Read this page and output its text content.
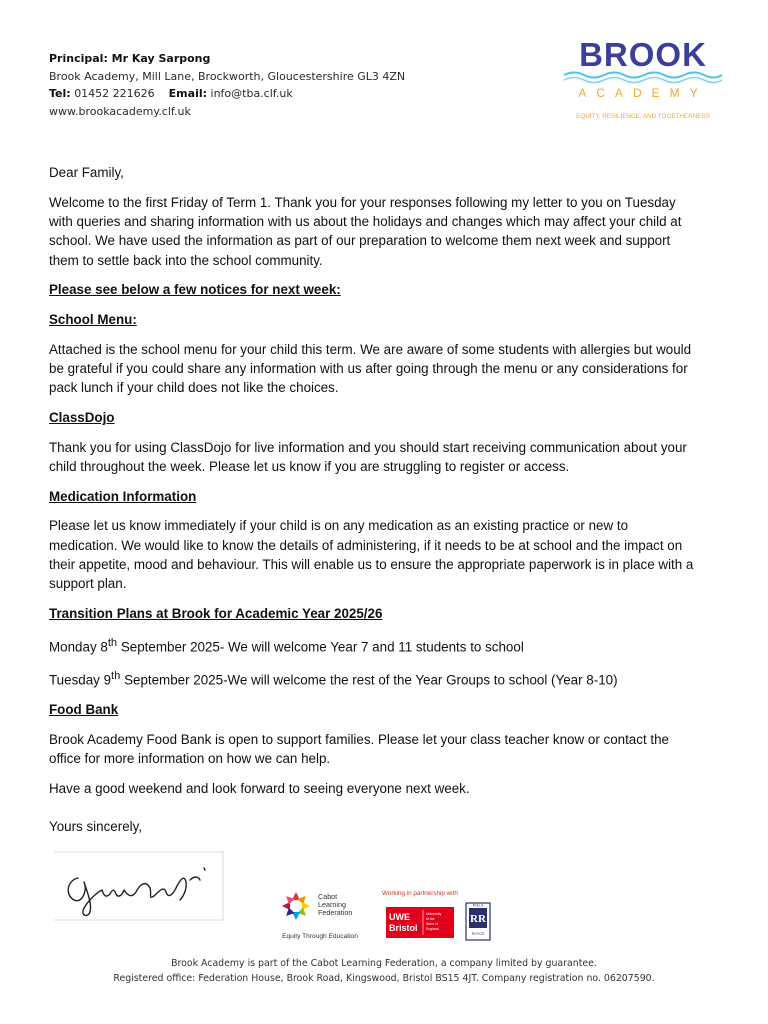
Principal: Mr Kay Sarpong
Brook Academy, Mill Lane, Brockworth, Gloucestershire GL3 4ZN
Tel: 01452 221626 Email: info@tba.clf.uk
www.brookacademy.clf.uk
BROOK
ACADEMY
EQUITY, RESILIENCE, AND TOGETHERNESS

Dear Family,

Welcome to the first Friday of Term 1. Thank you for your responses following my letter to you on Tuesday with queries and sharing information with us about the holidays and changes which may affect your child at school. We have used the information as part of our preparation to welcome them next week and support them to settle back into the school community.

Please see below a few notices for next week:

School Menu:

Attached is the school menu for your child this term. We are aware of some students with allergies but would be grateful if you could share any information with us after going through the menu or any considerations for pack lunch if your child does not like the choices.

ClassDojo

Thank you for using ClassDojo for live information and you should start receiving communication about your child throughout the week. Please let us know if you are struggling to register or access.

Medication Information

Please let us know immediately if your child is on any medication as an existing practice or new to medication. We would like to know the details of administering, if it needs to be at school and the impact on their appetite, mood and behaviour. This will enable us to ensure the appropriate paperwork is in place with a support plan.

Transition Plans at Brook for Academic Year 2025/26

Monday 8th September 2025- We will welcome Year 7 and 11 students to school

Tuesday 9th September 2025-We will welcome the rest of the Year Groups to school (Year 8-10)

Food Bank

Brook Academy Food Bank is open to support families. Please let your class teacher know or contact the office for more information on how we can help.

Have a good weekend and look forward to seeing everyone next week.

Yours sincerely,
Cabot
Learning
Federation
Equity Through Education
Working in partnership with
UWE
Bristol
University
of the
West of
England
RR
ROYCE
ROLLS
Brook Academy is part of the Cabot Learning Federation, a company limited by guarantee.
Registered office: Federation House, Brook Road, Kingswood, Bristol BS15 4JT. Company registration no. 06207590.
